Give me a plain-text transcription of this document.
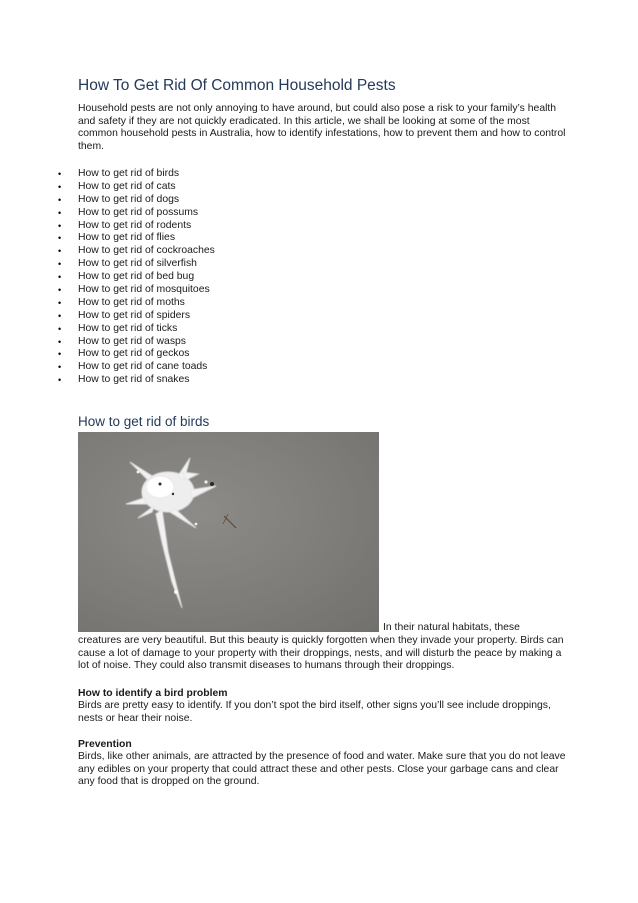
How To Get Rid Of Common Household Pests

Household pests are not only annoying to have around, but could also pose a risk to your family’s health and safety if they are not quickly eradicated. In this article, we shall be looking at some of the most common household pests in Australia, how to identify infestations, how to prevent them and how to control them.

• How to get rid of birds
• How to get rid of cats
• How to get rid of dogs
• How to get rid of possums
• How to get rid of rodents
• How to get rid of flies
• How to get rid of cockroaches
• How to get rid of silverfish
• How to get rid of bed bug
• How to get rid of mosquitoes
• How to get rid of moths
• How to get rid of spiders
• How to get rid of ticks
• How to get rid of wasps
• How to get rid of geckos
• How to get rid of cane toads
• How to get rid of snakes
How to get rid of birds
In their natural habitats, these

creatures are very beautiful. But this beauty is quickly forgotten when they invade your property. Birds can cause a lot of damage to your property with their droppings, nests, and will disturb the peace by making a lot of noise. They could also transmit diseases to humans through their droppings.

How to identify a bird problem

Birds are pretty easy to identify. If you don’t spot the bird itself, other signs you’ll see include droppings, nests or hear their noise.

Prevention

Birds, like other animals, are attracted by the presence of food and water. Make sure that you do not leave any edibles on your property that could attract these and other pests. Close your garbage cans and clear any food that is dropped on the ground.
